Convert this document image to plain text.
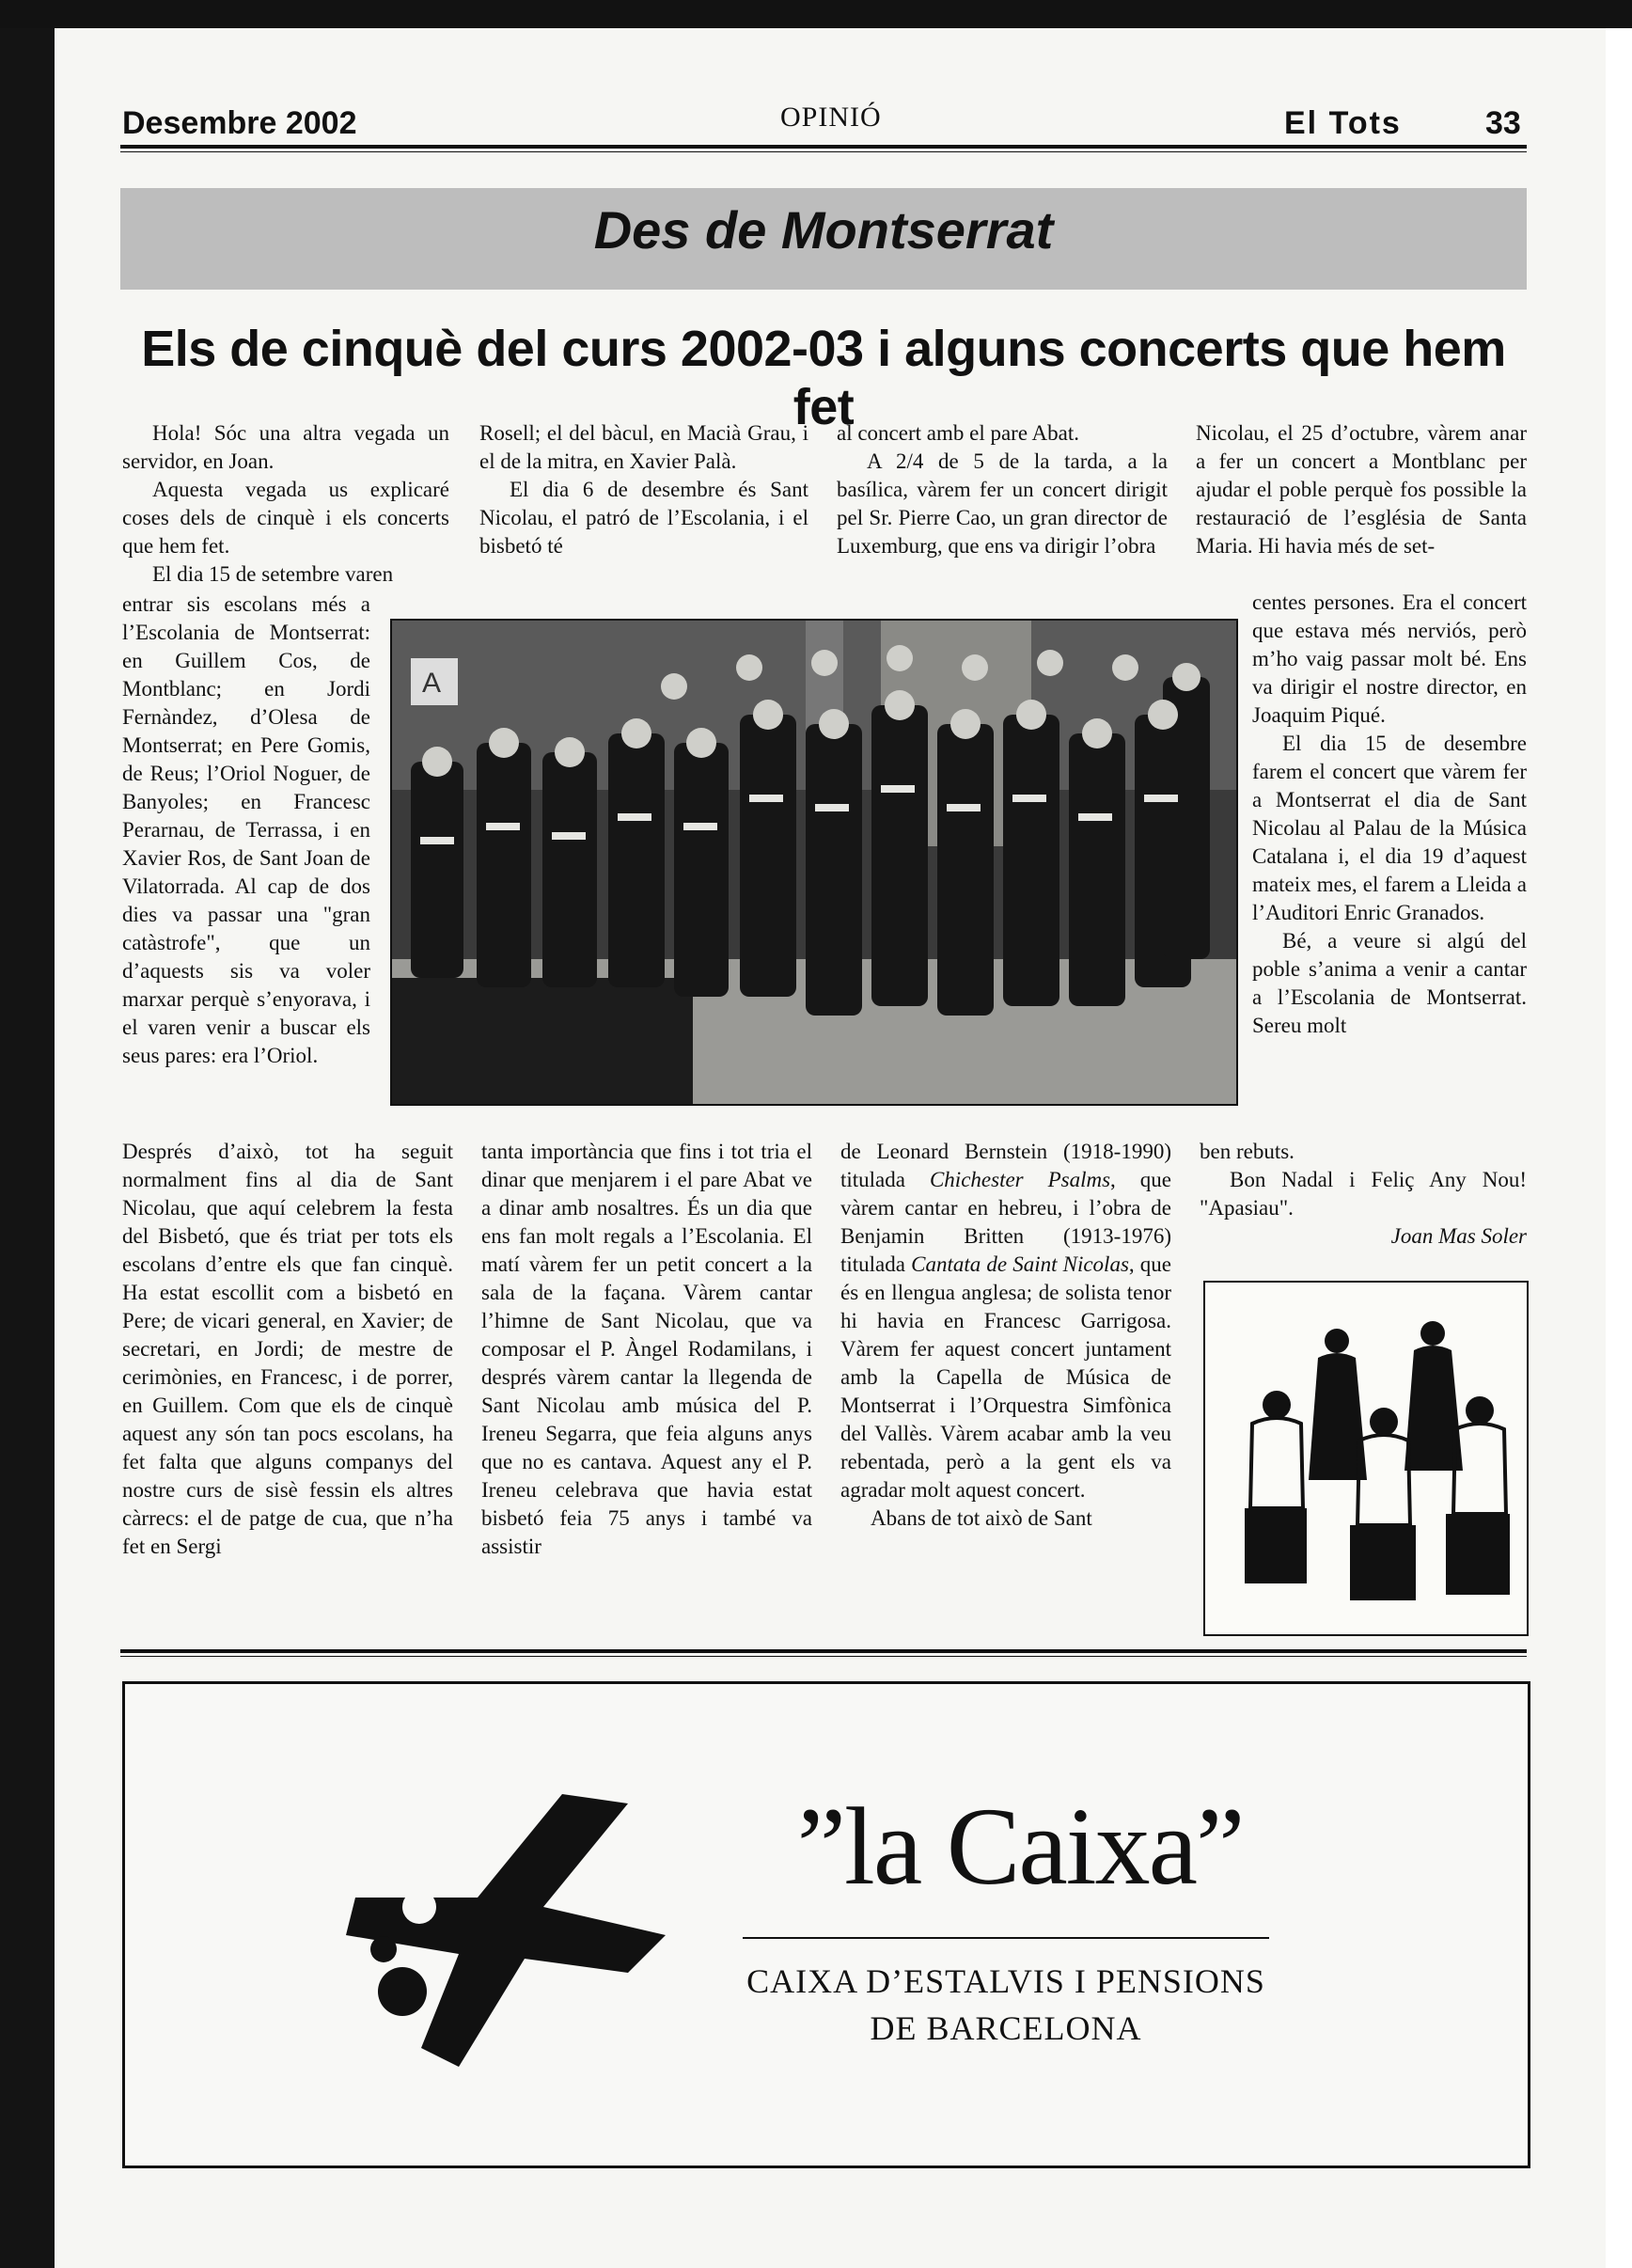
Desembre 2002	OPINIÓ	El Tots	33
Des de Montserrat
Els de cinquè del curs 2002-03 i alguns concerts que hem fet

Hola! Sóc una altra vegada un servidor, en Joan.

Aquesta vegada us explicaré coses dels de cinquè i els concerts que hem fet.

El dia 15 de setembre varen

entrar sis escolans més a l’Escolania de Montserrat: en Guillem Cos, de Montblanc; en Jordi Fernàndez, d’Olesa de Montserrat; en Pere Gomis, de Reus; l’Oriol Noguer, de Banyoles; en Francesc Perarnau, de Terrassa, i en Xavier Ros, de Sant Joan de Vilatorrada. Al cap de dos dies va passar una "gran catàstrofe", que un d’aquests sis va voler marxar perquè s’enyorava, i el varen venir a buscar els seus pares: era l’Oriol.

Després d’això, tot ha seguit normalment fins al dia de Sant Nicolau, que aquí celebrem la festa del Bisbetó, que és triat per tots els escolans d’entre els que fan cinquè. Ha estat escollit com a bisbetó en Pere; de vicari general, en Xavier; de secretari, en Jordi; de mestre de cerimònies, en Francesc, i de porrer, en Guillem. Com que els de cinquè aquest any són tan pocs escolans, ha fet falta que alguns companys del nostre curs de sisè fessin els altres càrrecs: el de patge de cua, que n’ha fet en Sergi

Rosell; el del bàcul, en Macià Grau, i el de la mitra, en Xavier Palà.

El dia 6 de desembre és Sant Nicolau, el patró de l’Escolania, i el bisbetó té

tanta importància que fins i tot tria el dinar que menjarem i el pare Abat ve a dinar amb nosaltres. És un dia que ens fan molt regals a l’Escolania. El matí vàrem fer un petit concert a la sala de la façana. Vàrem cantar l’himne de Sant Nicolau, que va composar el P. Àngel Rodamilans, i després vàrem cantar la llegenda de Sant Nicolau amb música del P. Ireneu Segarra, que feia alguns anys que no es cantava. Aquest any el P. Ireneu celebrava que havia estat bisbetó feia 75 anys i també va assistir

al concert amb el pare Abat.

A 2/4 de 5 de la tarda, a la basílica, vàrem fer un concert dirigit pel Sr. Pierre Cao, un gran director de Luxemburg, que ens va dirigir l’obra

de Leonard Bernstein (1918-1990) titulada Chichester Psalms, que vàrem cantar en hebreu, i l’obra de Benjamin Britten (1913-1976) titulada Cantata de Saint Nicolas, que és en llengua anglesa; de solista tenor hi havia en Francesc Garrigosa. Vàrem fer aquest concert juntament amb la Capella de Música de Montserrat i l’Orquestra Simfònica del Vallès. Vàrem acabar amb la veu rebentada, però a la gent els va agradar molt aquest concert.

Abans de tot això de Sant

Nicolau, el 25 d’octubre, vàrem anar a fer un concert a Montblanc per ajudar el poble perquè fos possible la restauració de l’església de Santa Maria. Hi havia més de set-

centes persones. Era el concert que estava més nerviós, però m’ho vaig passar molt bé. Ens va dirigir el nostre director, en Joaquim Piqué.

El dia 15 de desembre farem el concert que vàrem fer a Montserrat el dia de Sant Nicolau al Palau de la Música Catalana i, el dia 19 d’aquest mateix mes, el farem a Lleida a l’Auditori Enric Granados.

Bé, a veure si algú del poble s’anima a venir a cantar a l’Escolania de Montserrat. Sereu molt

ben rebuts.

Bon Nadal i Feliç Any Nou! "Apasiau".

Joan Mas Soler

A
”la Caixa”
CAIXA D’ESTALVIS I PENSIONS
DE BARCELONA
